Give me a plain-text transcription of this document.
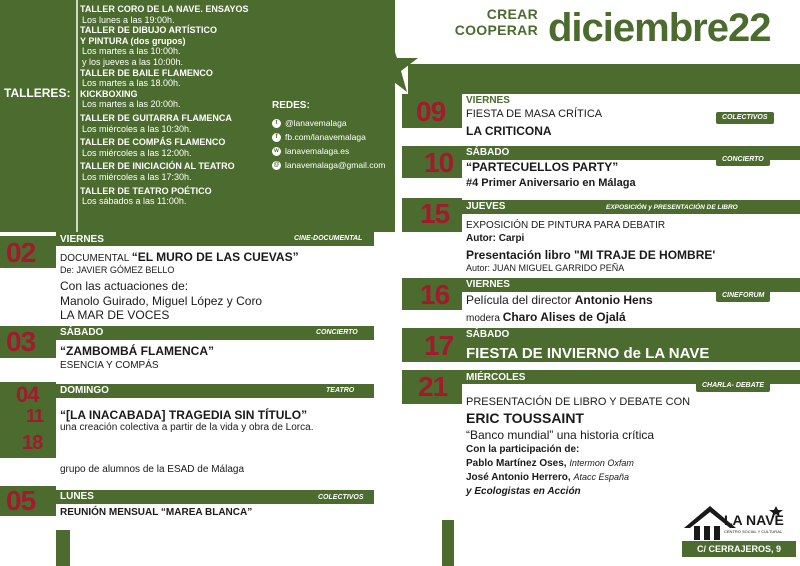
TALLERES:
TALLER CORO DE LA NAVE. ENSAYOS
Los lunes a las 19:00h.
TALLER DE DIBUJO ARTÍSTICO
Y PINTURA (dos grupos)
Los martes a las 10:00h.
y los jueves a las 10:00h.
TALLER DE BAILE FLAMENCO
Los martes a las 18.00h.
KICKBOXING
Los martes a las 20:00h.
TALLER DE GUITARRA FLAMENCA
Los miércoles a las 10:30h.
TALLER DE COMPÁS FLAMENCO
Los miércoles a las 12:00h.
TALLER DE INICIACIÓN AL TEATRO
Los miércoles a las 17:30h.
TALLER DE TEATRO POÉTICO
Los sábados a las 11:00h.
REDES:
t @lanavemalaga
f fb.com/lanavemalaga
w lanavemalaga.es
@ lanavemalaga@gmail.com
CREAR
COOPERAR
TRANSFORMAR diciembre22
02 VIERNES	CINE-DOCUMENTAL
DOCUMENTAL “EL MURO DE LAS CUEVAS”
De: JAVIER GÓMEZ BELLO
Con las actuaciones de:
Manolo Guirado, Miguel López y Coro
LA MAR DE VOCES
03 SÁBADO	CONCIERTO
“ZAMBOMBÁ FLAMENCA”
ESENCIA Y COMPÁS
04
11
18
DOMINGO	TEATRO
“[LA INACABADA] TRAGEDIA SIN TÍTULO”
una creación colectiva a partir de la vida y obra de Lorca.
grupo de alumnos de la ESAD de Málaga
05 LUNES	COLECTIVOS
REUNIÓN MENSUAL “MAREA BLANCA”
09 VIERNES
COLECTIVOS
FIESTA DE MASA CRÍTICA
LA CRITICONA
10 SÁBADO
CONCIERTO
“PARTECUELLOS PARTY”
#4 Primer Aniversario en Málaga
15 JUEVES	EXPOSICIÓN y PRESENTACIÓN DE LIBRO
EXPOSICIÓN DE PINTURA PARA DEBATIR
Autor: Carpi
Presentación libro "MI TRAJE DE HOMBRE'
Autor: JUAN MIGUEL GARRIDO PEÑA
16 VIERNES
CINEFORUM
Película del director Antonio Hens
modera Charo Alises de Ojalá
17 SÁBADO
FIESTA DE INVIERNO de LA NAVE
21 MIÉRCOLES
CHARLA- DEBATE
PRESENTACIÓN DE LIBRO Y DEBATE CON
ERIC TOUSSAINT
“Banco mundial” una historia crítica
Con la participación de:
Pablo Martínez Oses, Intermon Oxfam
José Antonio Herrero, Atacc España
y Ecologistas en Acción
LA NAVE
CENTRO SOCIAL Y CULTURAL
C/ CERRAJEROS, 9
